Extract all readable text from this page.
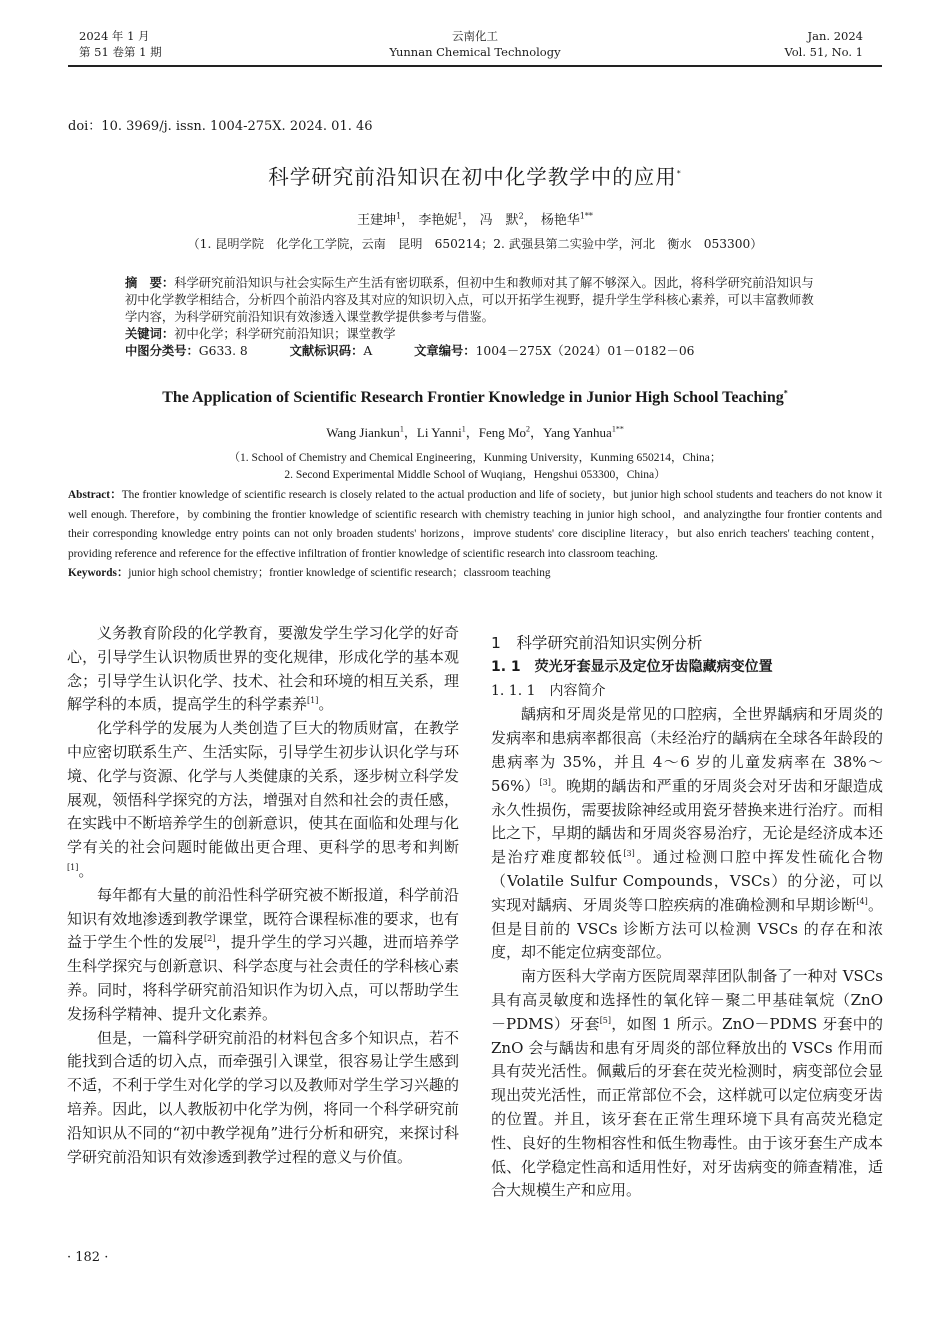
2024 年 1 月
第 51 卷第 1 期
云南化工
Yunnan Chemical Technology
Jan. 2024
Vol. 51, No. 1
doi：10. 3969/j. issn. 1004-275X. 2024. 01. 46
科学研究前沿知识在初中化学教学中的应用*
王建坤$^1$， 李艳妮$^1$， 冯　默$^2$， 杨艳华$^{1**}$
（1. 昆明学院　化学化工学院，云南　昆明　650214；2. 武强县第二实验中学，河北　衡水　053300）

摘　要：科学研究前沿知识与社会实际生产生活有密切联系，但初中生和教师对其了解不够深入。因此，将科学研究前沿知识与初中化学教学相结合，分析四个前沿内容及其对应的知识切入点，可以开拓学生视野，提升学生学科核心素养，可以丰富教师教学内容，为科学研究前沿知识有效渗透入课堂教学提供参考与借鉴。

关键词：初中化学；科学研究前沿知识；课堂教学

中图分类号：G633. 8	文献标识码：A	文章编号：1004－275X（2024）01－0182－06

The Application of Scientific Research Frontier Knowledge in Junior High School Teaching*
Wang Jiankun$^1$，Li Yanni$^1$，Feng Mo$^2$，Yang Yanhua$^{1**}$
（1. School of Chemistry and Chemical Engineering，Kunming University，Kunming 650214，China；
2. Second Experimental Middle School of Wuqiang，Hengshui 053300，China）

Abstract：The frontier knowledge of scientific research is closely related to the actual production and life of society，but junior high school students and teachers do not know it well enough. Therefore，by combining the frontier knowledge of scientific research with chemistry teaching in junior high school，and analyzingthe four frontier contents and their corresponding knowledge entry points can not only broaden students' horizons，improve students' core discipline literacy，but also enrich teachers' teaching content，providing reference and reference for the effective infiltration of frontier knowledge of scientific research into classroom teaching.

Keywords：junior high school chemistry；frontier knowledge of scientific research；classroom teaching

义务教育阶段的化学教育，要激发学生学习化学的好奇心，引导学生认识物质世界的变化规律，形成化学的基本观念；引导学生认识化学、技术、社会和环境的相互关系，理解学科的本质，提高学生的科学素养[1]。

化学科学的发展为人类创造了巨大的物质财富，在教学中应密切联系生产、生活实际，引导学生初步认识化学与环境、化学与资源、化学与人类健康的关系，逐步树立科学发展观，领悟科学探究的方法，增强对自然和社会的责任感，在实践中不断培养学生的创新意识，使其在面临和处理与化学有关的社会问题时能做出更合理、更科学的思考和判断[1]。

每年都有大量的前沿性科学研究被不断报道，科学前沿知识有效地渗透到教学课堂，既符合课程标准的要求，也有益于学生个性的发展[2]，提升学生的学习兴趣，进而培养学生科学探究与创新意识、科学态度与社会责任的学科核心素养。同时，将科学研究前沿知识作为切入点，可以帮助学生发扬科学精神、提升文化素养。

但是，一篇科学研究前沿的材料包含多个知识点，若不能找到合适的切入点，而牵强引入课堂，很容易让学生感到不适，不利于学生对化学的学习以及教师对学生学习兴趣的培养。因此，以人教版初中化学为例，将同一个科学研究前沿知识从不同的“初中教学视角”进行分析和研究，来探讨科学研究前沿知识有效渗透到教学过程的意义与价值。

1　科学研究前沿知识实例分析

1. 1　荧光牙套显示及定位牙齿隐藏病变位置

1. 1. 1　内容简介

龋病和牙周炎是常见的口腔病，全世界龋病和牙周炎的发病率和患病率都很高（未经治疗的龋病在全球各年龄段的患病率为 35%，并且 4～6 岁的儿童发病率在 38%～56%）[3]。晚期的龋齿和严重的牙周炎会对牙齿和牙龈造成永久性损伤，需要拔除神经或用瓷牙替换来进行治疗。而相比之下，早期的龋齿和牙周炎容易治疗，无论是经济成本还是治疗难度都较低[3]。通过检测口腔中挥发性硫化合物（Volatile Sulfur Compounds，VSCs）的分泌，可以实现对龋病、牙周炎等口腔疾病的准确检测和早期诊断[4]。但是目前的 VSCs 诊断方法可以检测 VSCs 的存在和浓度，却不能定位病变部位。

南方医科大学南方医院周翠萍团队制备了一种对 VSCs 具有高灵敏度和选择性的氧化锌－聚二甲基硅氧烷（ZnO－PDMS）牙套[5]，如图 1 所示。ZnO－PDMS 牙套中的 ZnO 会与龋齿和患有牙周炎的部位释放出的 VSCs 作用而具有荧光活性。佩戴后的牙套在荧光检测时，病变部位会显现出荧光活性，而正常部位不会，这样就可以定位病变牙齿的位置。并且，该牙套在正常生理环境下具有高荧光稳定性、良好的生物相容性和低生物毒性。由于该牙套生产成本低、化学稳定性高和适用性好，对牙齿病变的筛查精准，适合大规模生产和应用。

· 182 ·
